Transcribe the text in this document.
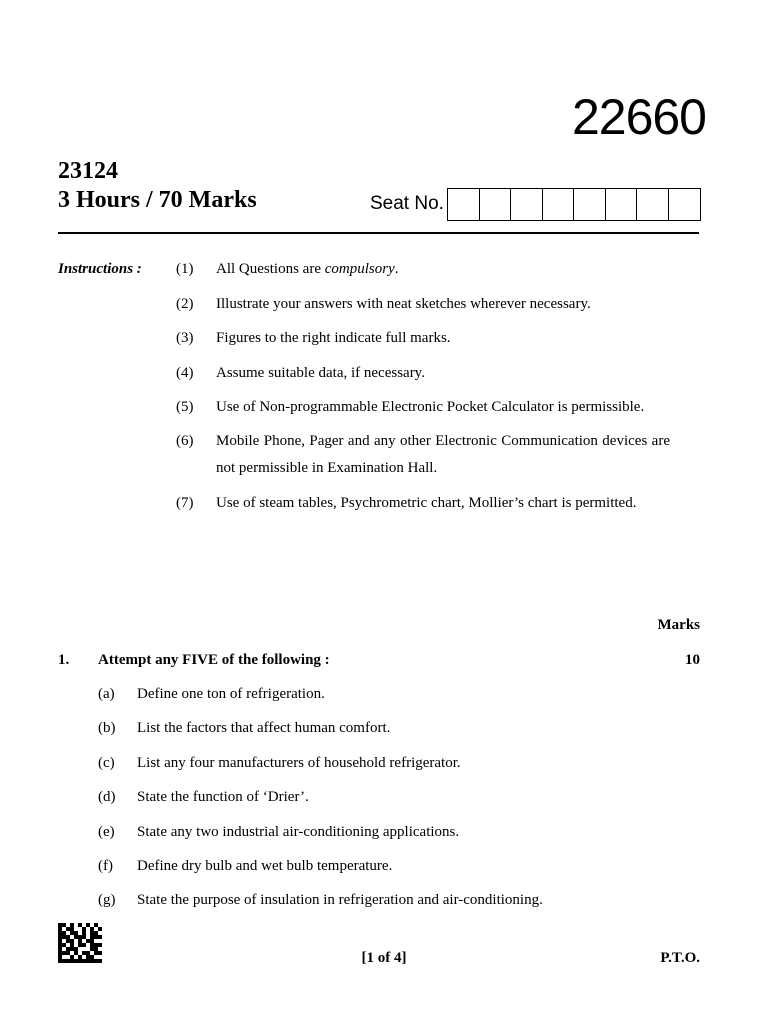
22660
23124
3 Hours / 70 Marks	Seat No.
Instructions : (1) All Questions are compulsory.
(2) Illustrate your answers with neat sketches wherever necessary.
(3) Figures to the right indicate full marks.
(4) Assume suitable data, if necessary.
(5) Use of Non-programmable Electronic Pocket Calculator is permissible.
(6) Mobile Phone, Pager and any other Electronic Communication devices are not permissible in Examination Hall.
(7) Use of steam tables, Psychrometric chart, Mollier’s chart is permitted.
Marks
1. Attempt any FIVE of the following :	10
(a) Define one ton of refrigeration.
(b) List the factors that affect human comfort.
(c) List any four manufacturers of household refrigerator.
(d) State the function of ‘Drier’.
(e) State any two industrial air-conditioning applications.
(f) Define dry bulb and wet bulb temperature.
(g) State the purpose of insulation in refrigeration and air-conditioning.
[1 of 4]	P.T.O.
